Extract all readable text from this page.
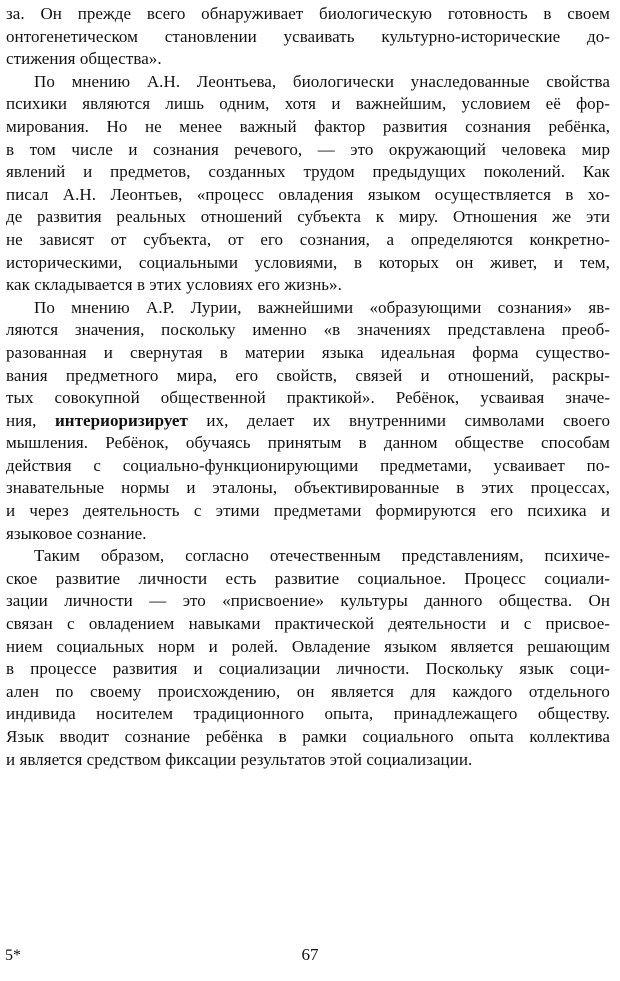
за. Он прежде всего обнаруживает биологическую готовность в своем
онтогенетическом становлении усваивать культурно-исторические до-
стижения общества».
По мнению А.Н. Леонтьева, биологически унаследованные свойства
психики являются лишь одним, хотя и важнейшим, условием её фор-
мирования. Но не менее важный фактор развития сознания ребёнка,
в том числе и сознания речевого, — это окружающий человека мир
явлений и предметов, созданных трудом предыдущих поколений. Как
писал А.Н. Леонтьев, «процесс овладения языком осуществляется в хо-
де развития реальных отношений субъекта к миру. Отношения же эти
не зависят от субъекта, от его сознания, а определяются конкретно-
историческими, социальными условиями, в которых он живет, и тем,
как складывается в этих условиях его жизнь».
По мнению А.Р. Лурии, важнейшими «образующими сознания» яв-
ляются значения, поскольку именно «в значениях представлена преоб-
разованная и свернутая в материи языка идеальная форма существо-
вания предметного мира, его свойств, связей и отношений, раскры-
тых совокупной общественной практикой». Ребёнок, усваивая значе-
ния, интериоризирует их, делает их внутренними символами своего
мышления. Ребёнок, обучаясь принятым в данном обществе способам
действия с социально-функционирующими предметами, усваивает по-
знавательные нормы и эталоны, объективированные в этих процессах,
и через деятельность с этими предметами формируются его психика и
языковое сознание.
Таким образом, согласно отечественным представлениям, психиче-
ское развитие личности есть развитие социальное. Процесс социали-
зации личности — это «присвоение» культуры данного общества. Он
связан с овладением навыками практической деятельности и с присвое-
нием социальных норм и ролей. Овладение языком является решающим
в процессе развития и социализации личности. Поскольку язык соци-
ален по своему происхождению, он является для каждого отдельного
индивида носителем традиционного опыта, принадлежащего обществу.
Язык вводит сознание ребёнка в рамки социального опыта коллектива
и является средством фиксации результатов этой социализации.
5*	67
